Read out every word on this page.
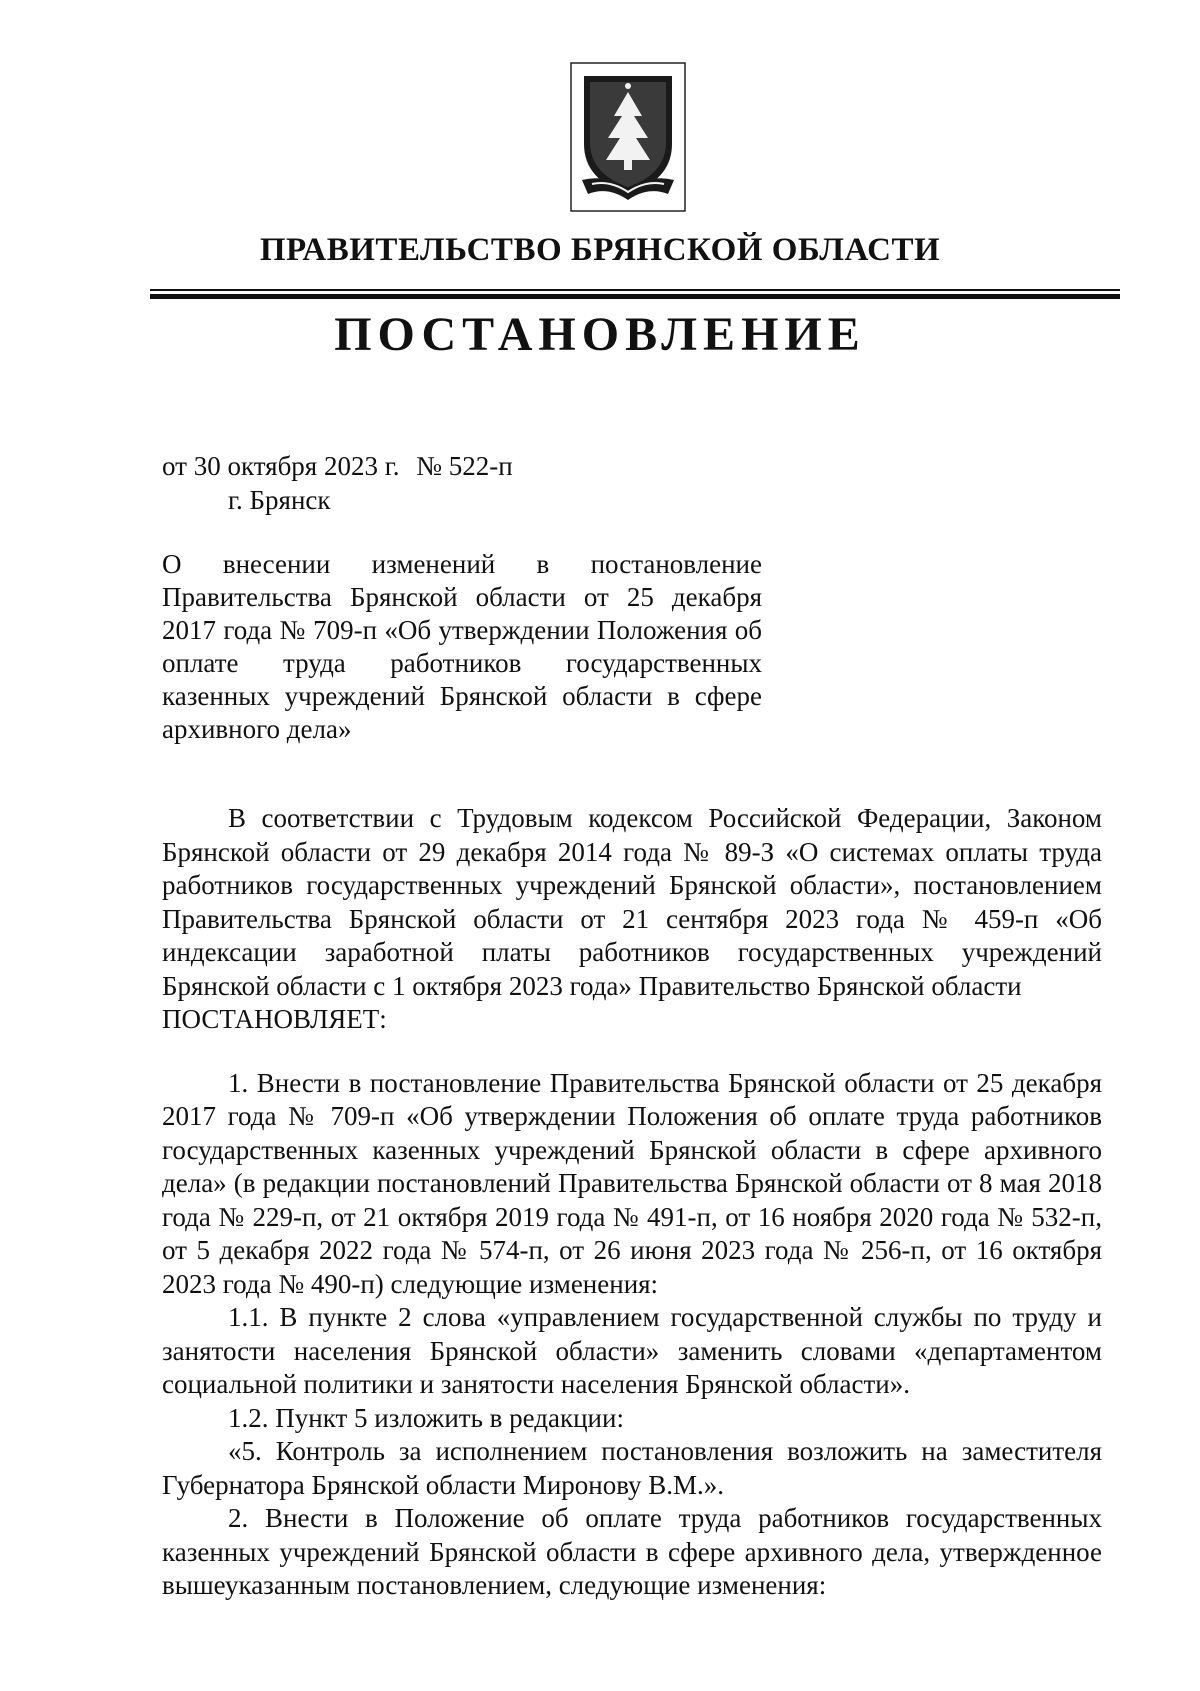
ПРАВИТЕЛЬСТВО БРЯНСКОЙ ОБЛАСТИ
ПОСТАНОВЛЕНИЕ
от 30 октября 2023 г. № 522-п
г. Брянск
О внесении изменений в постановление Правительства Брянской области от 25 декабря 2017 года № 709-п «Об утверждении Положения об оплате труда работников государственных казенных учреждений Брянской области в сфере архивного дела»

В соответствии с Трудовым кодексом Российской Федерации, Законом Брянской области от 29 декабря 2014 года № 89-З «О системах оплаты труда работников государственных учреждений Брянской области», постановлением Правительства Брянской области от 21 сентября 2023 года № 459-п «Об индексации заработной платы работников государственных учреждений Брянской области с 1 октября 2023 года» Правительство Брянской области

ПОСТАНОВЛЯЕТ:

1. Внести в постановление Правительства Брянской области от 25 декабря 2017 года № 709-п «Об утверждении Положения об оплате труда работников государственных казенных учреждений Брянской области в сфере архивного дела» (в редакции постановлений Правительства Брянской области от 8 мая 2018 года № 229-п, от 21 октября 2019 года № 491-п, от 16 ноября 2020 года № 532-п, от 5 декабря 2022 года № 574-п, от 26 июня 2023 года № 256-п, от 16 октября 2023 года № 490-п) следующие изменения:

1.1. В пункте 2 слова «управлением государственной службы по труду и занятости населения Брянской области» заменить словами «департаментом социальной политики и занятости населения Брянской области».

1.2. Пункт 5 изложить в редакции:

«5. Контроль за исполнением постановления возложить на заместителя Губернатора Брянской области Миронову В.М.».

2. Внести в Положение об оплате труда работников государственных казенных учреждений Брянской области в сфере архивного дела, утвержденное вышеуказанным постановлением, следующие изменения:
